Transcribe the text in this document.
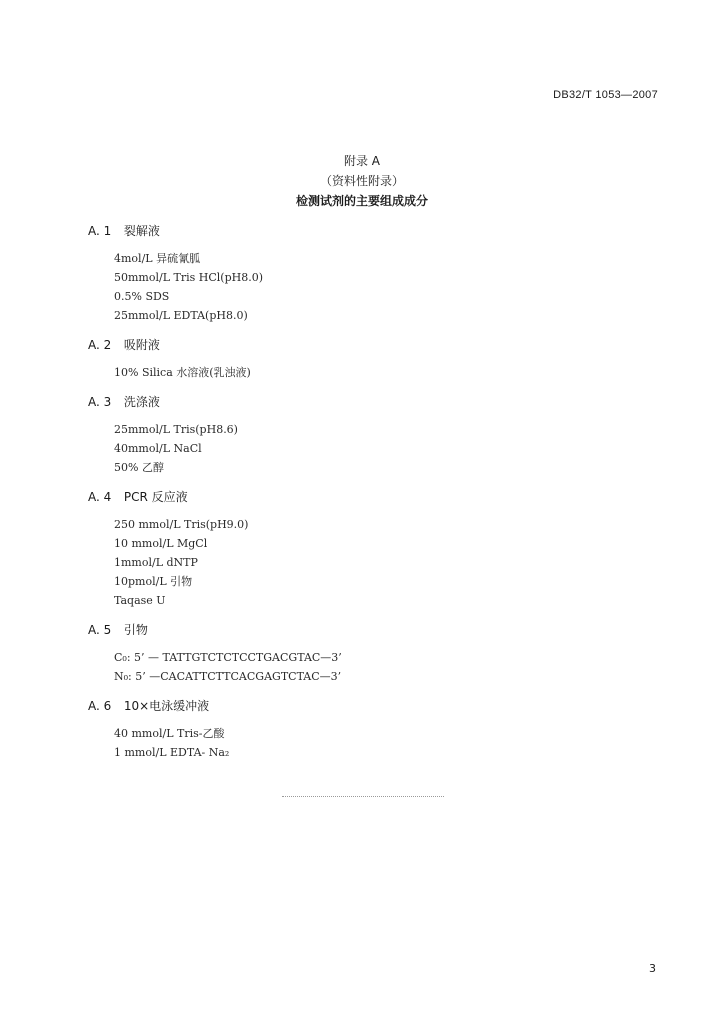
DB32/T 1053—2007
附录 A
（资料性附录）
检测试剂的主要组成成分
A. 1 裂解液
4mol/L 异硫氰胍
50mmol/L Tris HCl(pH8.0)
0.5% SDS
25mmol/L EDTA(pH8.0)
A. 2 吸附液
10% Silica 水溶液(乳浊液)
A. 3 洗涤液
25mmol/L Tris(pH8.6)
40mmol/L NaCl
50% 乙醇
A. 4 PCR 反应液
250 mmol/L Tris(pH9.0)
10 mmol/L MgCl
1mmol/L dNTP
10pmol/L 引物
Taqase U
A. 5 引物
C₀: 5’ — TATTGTCTCTCCTGACGTAC—3’
N₀: 5’ —CACATTCTTCACGAGTCTAC—3’
A. 6 10×电泳缓冲液
40 mmol/L Tris-乙酸
1 mmol/L EDTA- Na₂
3
